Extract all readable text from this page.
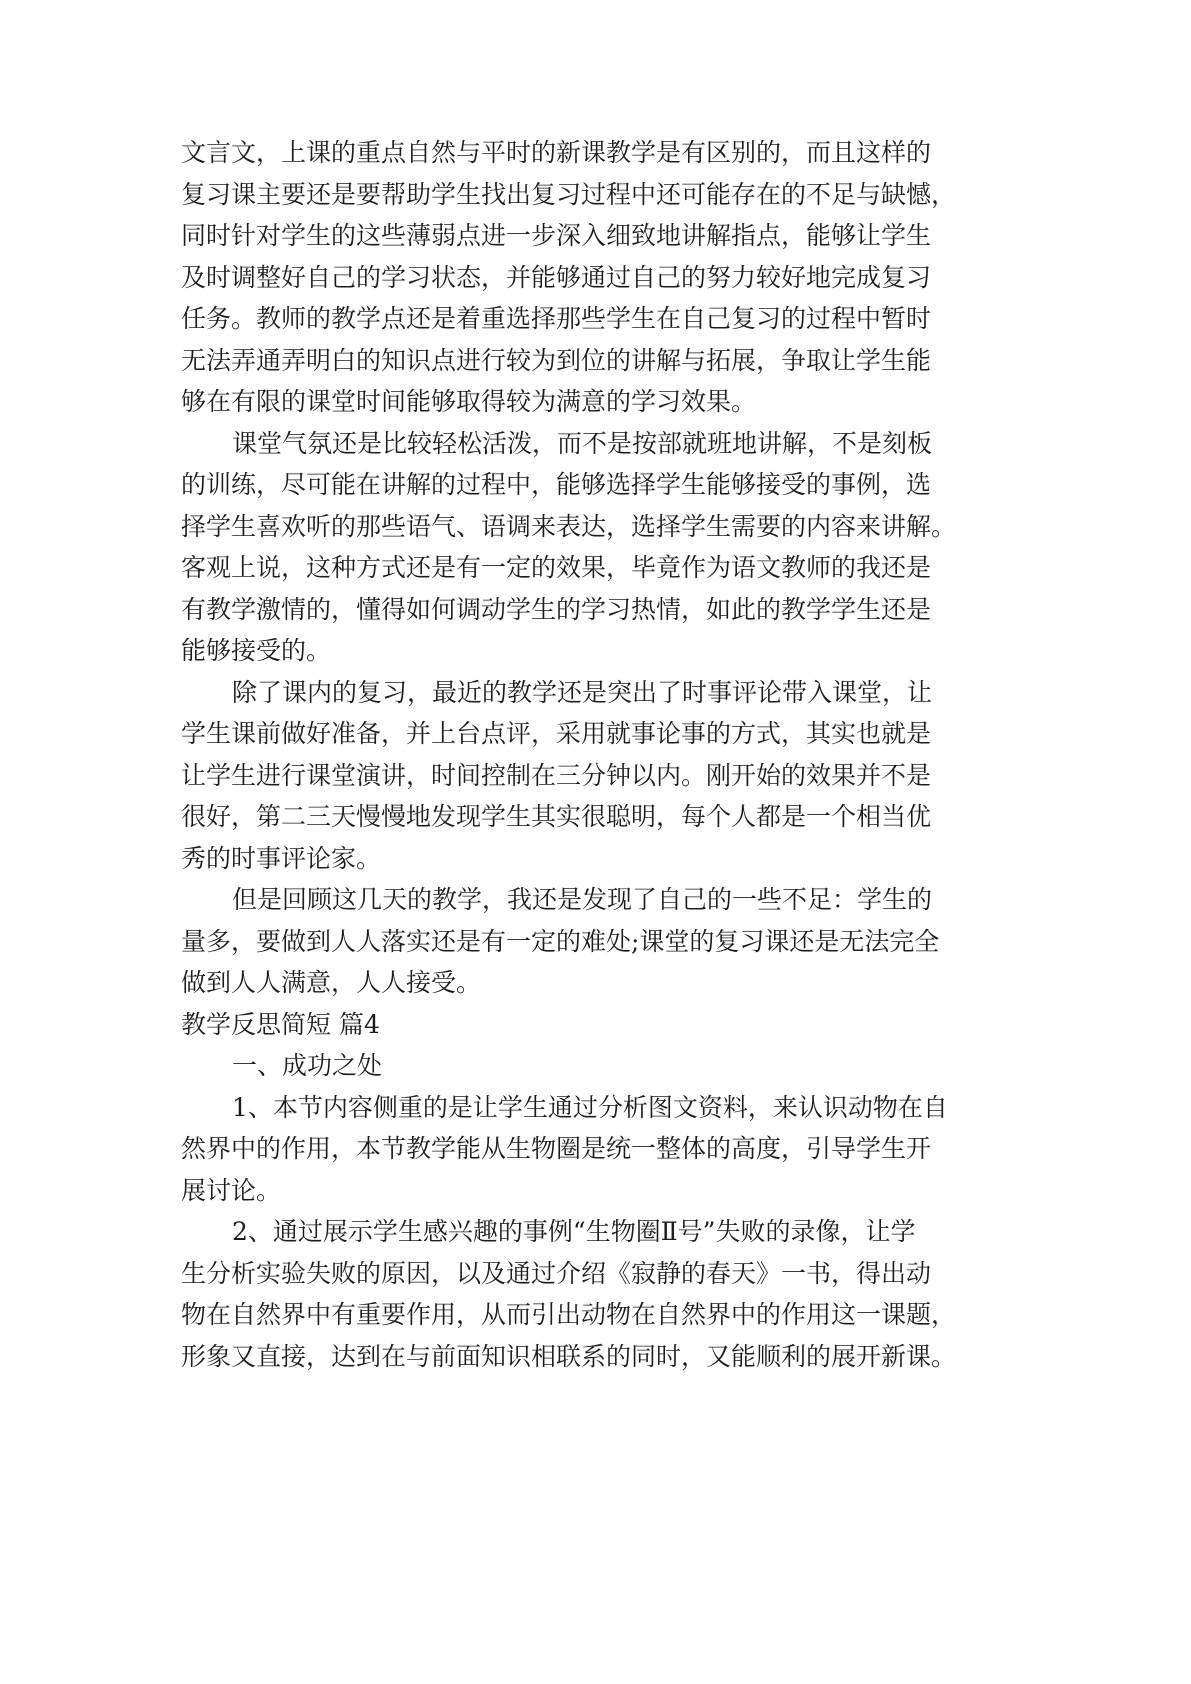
文言文，上课的重点自然与平时的新课教学是有区别的，而且这样的
复习课主要还是要帮助学生找出复习过程中还可能存在的不足与缺憾，
同时针对学生的这些薄弱点进一步深入细致地讲解指点，能够让学生
及时调整好自己的学习状态，并能够通过自己的努力较好地完成复习
任务。教师的教学点还是着重选择那些学生在自己复习的过程中暂时
无法弄通弄明白的知识点进行较为到位的讲解与拓展，争取让学生能
够在有限的课堂时间能够取得较为满意的学习效果。
课堂气氛还是比较轻松活泼，而不是按部就班地讲解，不是刻板
的训练，尽可能在讲解的过程中，能够选择学生能够接受的事例，选
择学生喜欢听的那些语气、语调来表达，选择学生需要的内容来讲解。
客观上说，这种方式还是有一定的效果，毕竟作为语文教师的我还是
有教学激情的，懂得如何调动学生的学习热情，如此的教学学生还是
能够接受的。
除了课内的复习，最近的教学还是突出了时事评论带入课堂，让
学生课前做好准备，并上台点评，采用就事论事的方式，其实也就是
让学生进行课堂演讲，时间控制在三分钟以内。刚开始的效果并不是
很好，第二三天慢慢地发现学生其实很聪明，每个人都是一个相当优
秀的时事评论家。
但是回顾这几天的教学，我还是发现了自己的一些不足：学生的
量多，要做到人人落实还是有一定的难处;课堂的复习课还是无法完全
做到人人满意，人人接受。
教学反思简短 篇4
一、成功之处
1、本节内容侧重的是让学生通过分析图文资料，来认识动物在自
然界中的作用，本节教学能从生物圈是统一整体的高度，引导学生开
展讨论。
2、通过展示学生感兴趣的事例“生物圈Ⅱ号”失败的录像，让学
生分析实验失败的原因，以及通过介绍《寂静的春天》一书，得出动
物在自然界中有重要作用，从而引出动物在自然界中的作用这一课题，
形象又直接，达到在与前面知识相联系的同时，又能顺利的展开新课。
